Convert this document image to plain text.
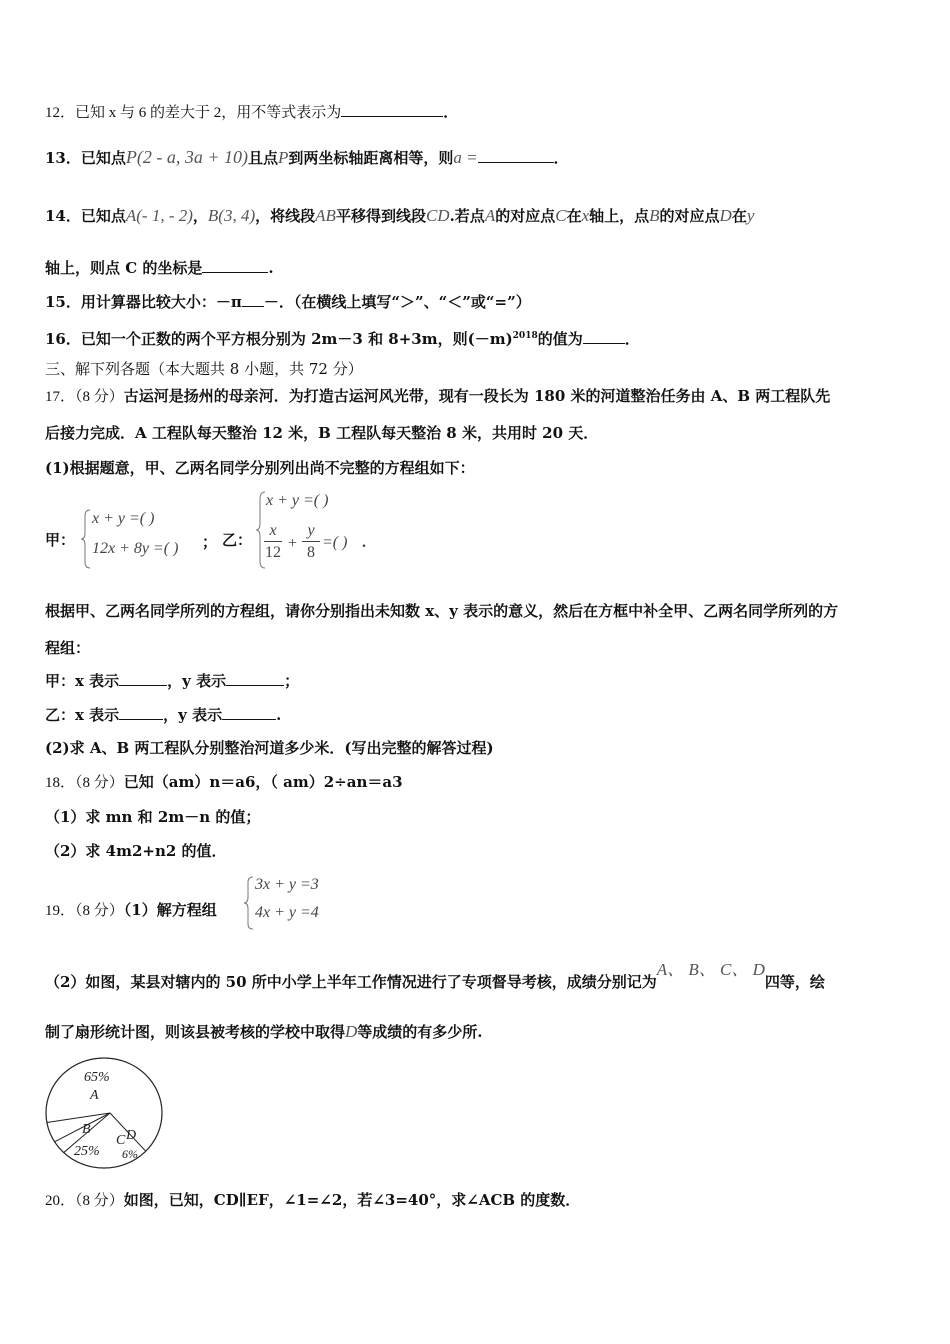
12．已知 x 与 6 的差大于 2，用不等式表示为	．
13．已知点P(2 - a, 3a + 10)且点P到两坐标轴距离相等，则a =	．
14．已知点A(- 1, - 2)，B(3, 4)，将线段AB平移得到线段CD.若点A的对应点C在x轴上，点B的对应点D在y
轴上，则点 C 的坐标是	.
15．用计算器比较大小：－π －．（在横线上填写“＞”、“＜”或“=”）
16．已知一个正数的两个平方根分别为 2m－3 和 8+3m，则$(-m)^{2018}$的值为	．
三、解下列各题（本大题共 8 小题，共 72 分）
17．（8 分）古运河是扬州的母亲河．为打造古运河风光带，现有一段长为 180 米的河道整治任务由 A、B 两工程队先
后接力完成．A 工程队每天整治 12 米，B 工程队每天整治 8 米，共用时 20 天．
(1)根据题意，甲、乙两名同学分别列出尚不完整的方程组如下：
甲：
x + y =( )
12x + 8y =( ) ； 乙：
x + y =( )
x
12
+
y
8
=( ) .
根据甲、乙两名同学所列的方程组，请你分别指出未知数 x、y 表示的意义，然后在方框中补全甲、乙两名同学所列的方
程组：
甲：x 表示	，y 表示	；
乙：x 表示	，y 表示	.
(2)求 A、B 两工程队分别整治河道多少米．(写出完整的解答过程)
18．（8 分）已知（am）n＝a6，（ am）2÷an＝a3
（1）求 mn 和 2m－n 的值；
（2）求 4m2+n2 的值．
19．（8 分）（1）解方程组
3x + y =3
4x + y =4
（2）如图，某县对辖内的 50 所中小学上半年工作情况进行了专项督导考核，成绩分别记为A、 B、 C、 D四等，绘
制了扇形统计图，则该县被考核的学校中取得D等成绩的有多少所.
65%
A
B
25%
C D
6%
20．（8 分）如图，已知，CD∥EF，∠1=∠2，若∠3=40°，求∠ACB 的度数．
